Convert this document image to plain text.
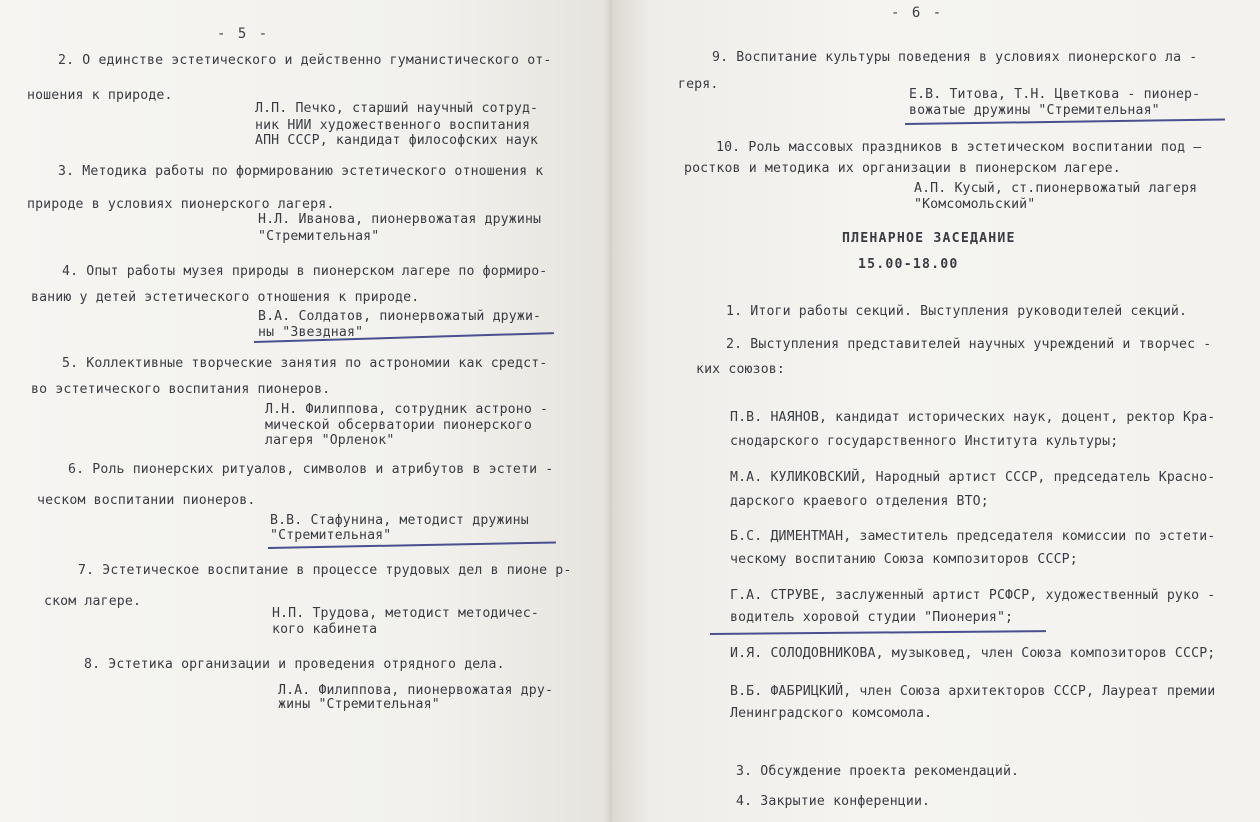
- 5 -
2. О единстве эстетического и действенно гуманистического от-
ношения к природе.
Л.П. Печко, старший научный сотруд-
ник НИИ художественного воспитания
АПН СССР, кандидат философских наук
3. Методика работы по формированию эстетического отношения к
природе в условиях пионерского лагеря.
Н.Л. Иванова, пионервожатая дружины
"Стремительная"
4. Опыт работы музея природы в пионерском лагере по формиро-
ванию у детей эстетического отношения к природе.
В.А. Солдатов, пионервожатый дружи-
ны "Звездная"
5. Коллективные творческие занятия по астрономии как средст-
во эстетического воспитания пионеров.
Л.Н. Филиппова, сотрудник астроно -
мической обсерватории пионерского
лагеря "Орленок"
6. Роль пионерских ритуалов, символов и атрибутов в эстети -
ческом воспитании пионеров.
В.В. Стафунина, методист дружины
"Стремительная"
7. Эстетическое воспитание в процессе трудовых дел в пионе р-
ском лагере.
Н.П. Трудова, методист методичес-
кого кабинета
8. Эстетика организации и проведения отрядного дела.
Л.А. Филиппова, пионервожатая дру-
жины "Стремительная"
- 6 -
9. Воспитание культуры поведения в условиях пионерского ла -
геря.
Е.В. Титова, Т.Н. Цветкова - пионер-
вожатые дружины "Стремительная"
10. Роль массовых праздников в эстетическом воспитании под —
ростков и методика их организации в пионерском лагере.
А.П. Кусый, ст.пионервожатый лагеря
"Комсомольский"
ПЛЕНАРНОЕ ЗАСЕДАНИЕ
15.00-18.00
1. Итоги работы секций. Выступления руководителей секций.
2. Выступления представителей научных учреждений и творчес -
ких союзов:
П.В. НАЯНОВ, кандидат исторических наук, доцент, ректор Кра-
снодарского государственного Института культуры;
М.А. КУЛИКОВСКИЙ, Народный артист СССР, председатель Красно-
дарского краевого отделения ВТО;
Б.С. ДИМЕНТМАН, заместитель председателя комиссии по эстети-
ческому воспитанию Союза композиторов СССР;
Г.А. СТРУВЕ, заслуженный артист РСФСР, художественный руко -
водитель хоровой студии "Пионерия";
И.Я. СОЛОДОВНИКОВА, музыковед, член Союза композиторов СССР;
В.Б. ФАБРИЦКИЙ, член Союза архитекторов СССР, Лауреат премии
Ленинградского комсомола.
3. Обсуждение проекта рекомендаций.
4. Закрытие конференции.
